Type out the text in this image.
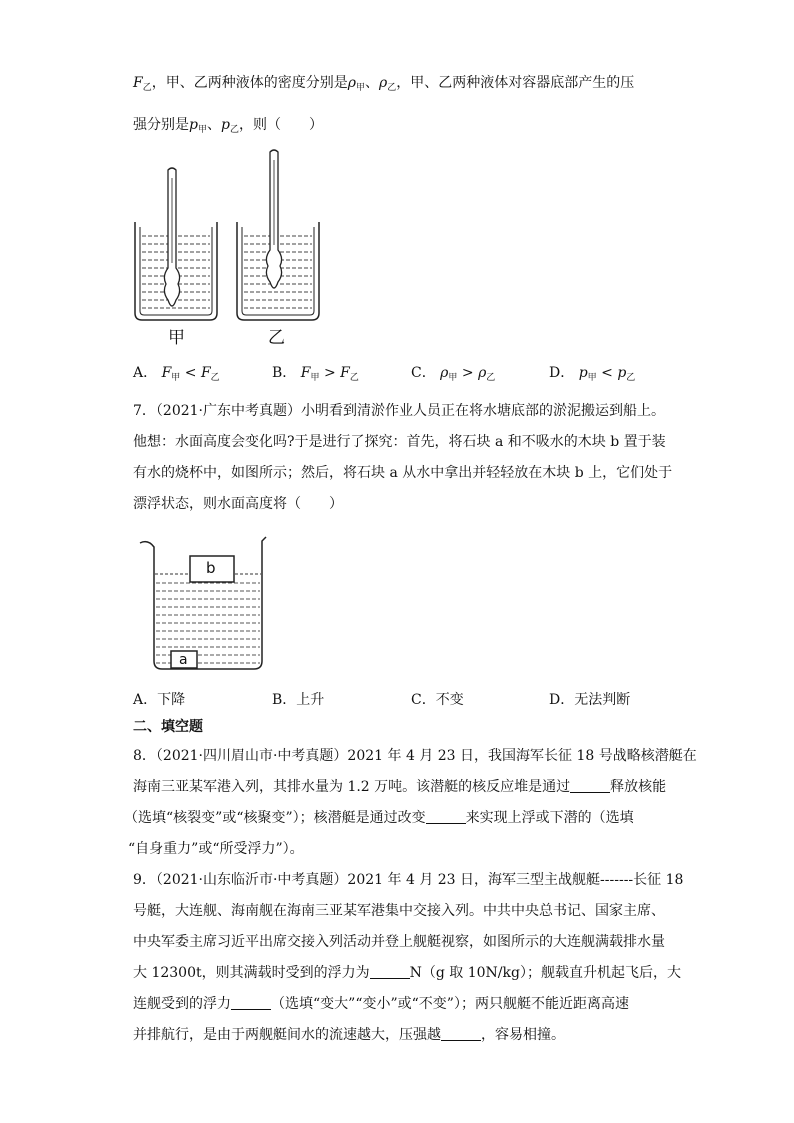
$F_乙$，甲、乙两种液体的密度分别是$\rho_甲$、$\rho_乙$，甲、乙两种液体对容器底部产生的压
强分别是$p_甲$、$p_乙$，则（　　）
甲	乙
A． $F_甲 < F_乙$	B． $F_甲 > F_乙$	C． $\rho_甲 > \rho_乙$	D． $p_甲 < p_乙$
7．（2021·广东中考真题）小明看到清淤作业人员正在将水塘底部的淤泥搬运到船上。
他想：水面高度会变化吗?于是进行了探究：首先，将石块 a 和不吸水的木块 b 置于装
有水的烧杯中，如图所示；然后，将石块 a 从水中拿出并轻轻放在木块 b 上，它们处于
漂浮状态，则水面高度将（　　）
b
a
A．下降	B．上升	C．不变	D．无法判断
二、填空题
8．（2021·四川眉山市·中考真题）2021 年 4 月 23 日，我国海军长征 18 号战略核潜艇在
海南三亚某军港入列，其排水量为 1.2 万吨。该潜艇的核反应堆是通过	释放核能
（选填“核裂变”或“核聚变”）；核潜艇是通过改变	来实现上浮或下潜的（选填
“自身重力”或“所受浮力”）。
9．（2021·山东临沂市·中考真题）2021 年 4 月 23 日，海军三型主战舰艇-------长征 18
号艇，大连舰、海南舰在海南三亚某军港集中交接入列。中共中央总书记、国家主席、
中央军委主席习近平出席交接入列活动并登上舰艇视察，如图所示的大连舰满载排水量
大 12300t，则其满载时受到的浮力为	N（g 取 10N/kg）；舰载直升机起飞后，大
连舰受到的浮力	（选填“变大”“变小”或“不变”）；两只舰艇不能近距离高速
并排航行，是由于两舰艇间水的流速越大，压强越	，容易相撞。
